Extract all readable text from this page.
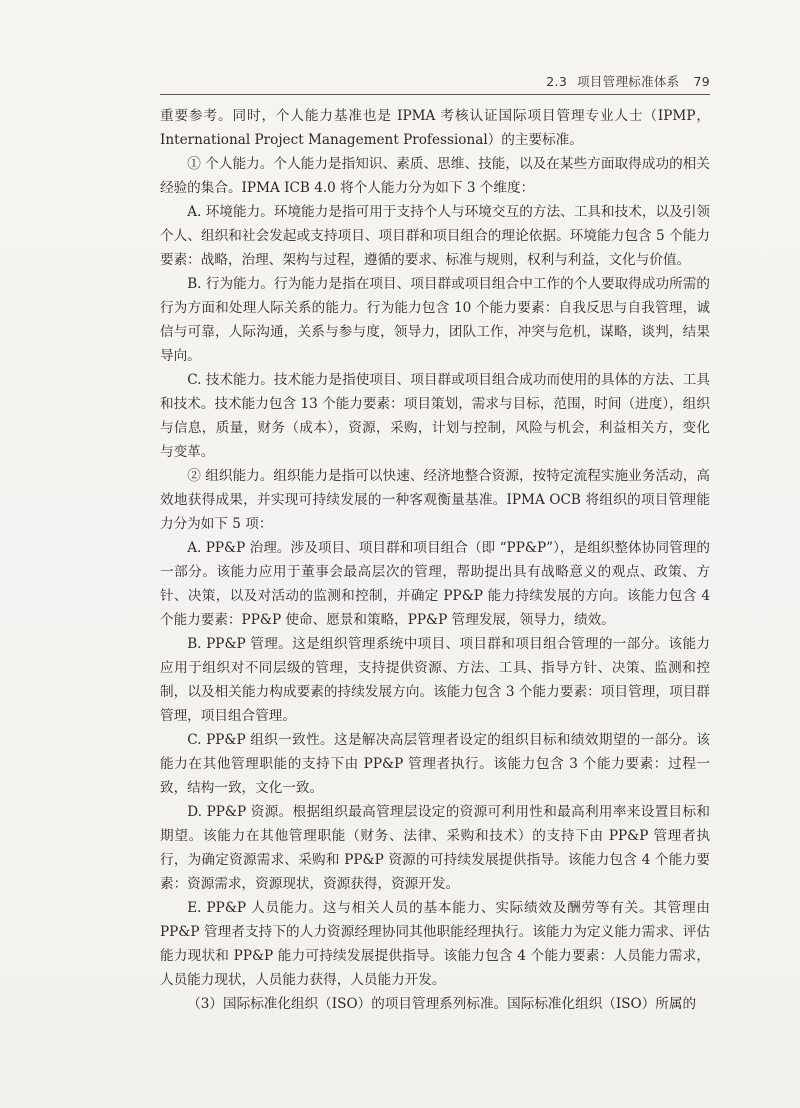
2.3 项目管理标准体系 79

重要参考。同时，个人能力基准也是 IPMA 考核认证国际项目管理专业人士（IPMP，International Project Management Professional）的主要标准。

① 个人能力。个人能力是指知识、素质、思维、技能，以及在某些方面取得成功的相关经验的集合。IPMA ICB 4.0 将个人能力分为如下 3 个维度：

A. 环境能力。环境能力是指可用于支持个人与环境交互的方法、工具和技术，以及引领个人、组织和社会发起或支持项目、项目群和项目组合的理论依据。环境能力包含 5 个能力要素：战略，治理、架构与过程，遵循的要求、标准与规则，权利与利益，文化与价值。

B. 行为能力。行为能力是指在项目、项目群或项目组合中工作的个人要取得成功所需的行为方面和处理人际关系的能力。行为能力包含 10 个能力要素：自我反思与自我管理，诚信与可靠，人际沟通，关系与参与度，领导力，团队工作，冲突与危机，谋略，谈判，结果导向。

C. 技术能力。技术能力是指使项目、项目群或项目组合成功而使用的具体的方法、工具和技术。技术能力包含 13 个能力要素：项目策划，需求与目标，范围，时间（进度），组织与信息，质量，财务（成本），资源，采购，计划与控制，风险与机会，利益相关方，变化与变革。

② 组织能力。组织能力是指可以快速、经济地整合资源，按特定流程实施业务活动，高效地获得成果，并实现可持续发展的一种客观衡量基准。IPMA OCB 将组织的项目管理能力分为如下 5 项：

A. PP&P 治理。涉及项目、项目群和项目组合（即 “PP&P”），是组织整体协同管理的一部分。该能力应用于董事会最高层次的管理，帮助提出具有战略意义的观点、政策、方针、决策，以及对活动的监测和控制，并确定 PP&P 能力持续发展的方向。该能力包含 4 个能力要素：PP&P 使命、愿景和策略，PP&P 管理发展，领导力，绩效。

B. PP&P 管理。这是组织管理系统中项目、项目群和项目组合管理的一部分。该能力应用于组织对不同层级的管理，支持提供资源、方法、工具、指导方针、决策、监测和控制，以及相关能力构成要素的持续发展方向。该能力包含 3 个能力要素：项目管理，项目群管理，项目组合管理。

C. PP&P 组织一致性。这是解决高层管理者设定的组织目标和绩效期望的一部分。该能力在其他管理职能的支持下由 PP&P 管理者执行。该能力包含 3 个能力要素：过程一致，结构一致，文化一致。

D. PP&P 资源。根据组织最高管理层设定的资源可利用性和最高利用率来设置目标和期望。该能力在其他管理职能（财务、法律、采购和技术）的支持下由 PP&P 管理者执行，为确定资源需求、采购和 PP&P 资源的可持续发展提供指导。该能力包含 4 个能力要素：资源需求，资源现状，资源获得，资源开发。

E. PP&P 人员能力。这与相关人员的基本能力、实际绩效及酬劳等有关。其管理由 PP&P 管理者支持下的人力资源经理协同其他职能经理执行。该能力为定义能力需求、评估能力现状和 PP&P 能力可持续发展提供指导。该能力包含 4 个能力要素：人员能力需求，人员能力现状，人员能力获得，人员能力开发。

（3）国际标准化组织（ISO）的项目管理系列标准。国际标准化组织（ISO）所属的
